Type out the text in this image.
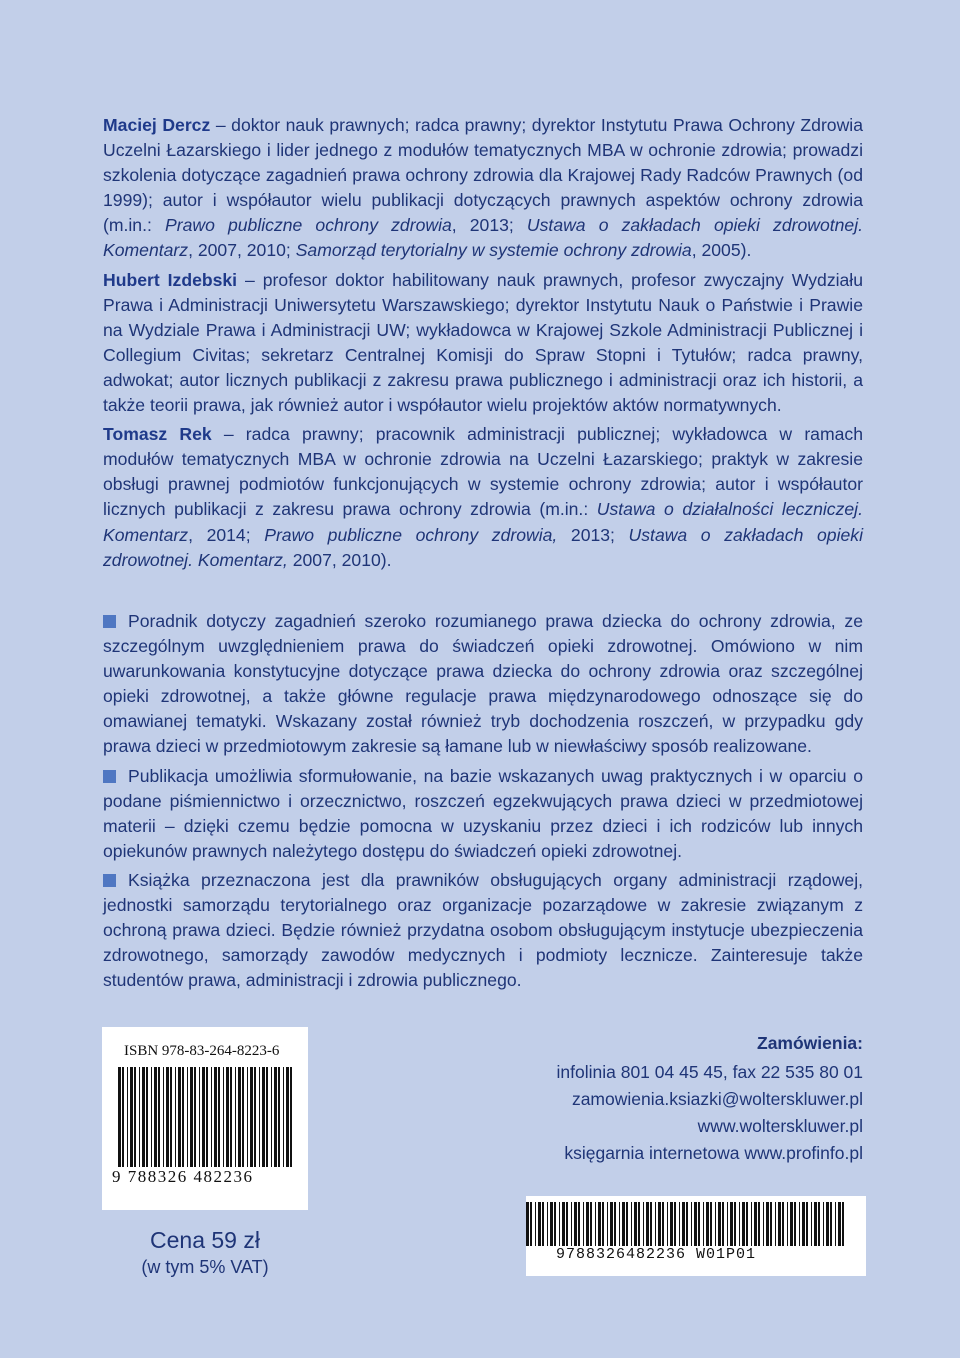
Maciej Dercz – doktor nauk prawnych; radca prawny; dyrektor Instytutu Prawa Ochrony Zdrowia Uczelni Łazarskiego i lider jednego z modułów tematycznych MBA w ochronie zdrowia; prowadzi szkolenia dotyczące zagadnień prawa ochrony zdrowia dla Krajowej Rady Radców Prawnych (od 1999); autor i współautor wielu publikacji dotyczących prawnych aspektów ochrony zdrowia (m.in.: Prawo publiczne ochrony zdrowia, 2013; Ustawa o zakładach opieki zdrowotnej. Komentarz, 2007, 2010; Samorząd terytorialny w systemie ochrony zdrowia, 2005).

Hubert Izdebski – profesor doktor habilitowany nauk prawnych, profesor zwyczajny Wydziału Prawa i Administracji Uniwersytetu Warszawskiego; dyrektor Instytutu Nauk o Państwie i Prawie na Wydziale Prawa i Administracji UW; wykładowca w Krajowej Szkole Administracji Publicznej i Collegium Civitas; sekretarz Centralnej Komisji do Spraw Stopni i Tytułów; radca prawny, adwokat; autor licznych publikacji z zakresu prawa publicznego i administracji oraz ich historii, a także teorii prawa, jak również autor i współautor wielu projektów aktów normatywnych.

Tomasz Rek – radca prawny; pracownik administracji publicznej; wykładowca w ramach modułów tematycznych MBA w ochronie zdrowia na Uczelni Łazarskiego; praktyk w zakresie obsługi prawnej podmiotów funkcjonujących w systemie ochrony zdrowia; autor i współautor licznych publikacji z zakresu prawa ochrony zdrowia (m.in.: Ustawa o działalności leczniczej. Komentarz, 2014; Prawo publiczne ochrony zdrowia, 2013; Ustawa o zakładach opieki zdrowotnej. Komentarz, 2007, 2010).

Poradnik dotyczy zagadnień szeroko rozumianego prawa dziecka do ochrony zdrowia, ze szczególnym uwzględnieniem prawa do świadczeń opieki zdrowotnej. Omówiono w nim uwarunkowania konstytucyjne dotyczące prawa dziecka do ochrony zdrowia oraz szczególnej opieki zdrowotnej, a także główne regulacje prawa międzynarodowego odnoszące się do omawianej tematyki. Wskazany został również tryb dochodzenia roszczeń, w przypadku gdy prawa dzieci w przedmiotowym zakresie są łamane lub w niewłaściwy sposób realizowane.

Publikacja umożliwia sformułowanie, na bazie wskazanych uwag praktycznych i w oparciu o podane piśmiennictwo i orzecznictwo, roszczeń egzekwujących prawa dzieci w przedmiotowej materii – dzięki czemu będzie pomocna w uzyskaniu przez dzieci i ich rodziców lub innych opiekunów prawnych należytego dostępu do świadczeń opieki zdrowotnej.

Książka przeznaczona jest dla prawników obsługujących organy administracji rządowej, jednostki samorządu terytorialnego oraz organizacje pozarządowe w zakresie związanym z ochroną prawa dzieci. Będzie również przydatna osobom obsługującym instytucje ubezpieczenia zdrowotnego, samorządy zawodów medycznych i podmioty lecznicze. Zainteresuje także studentów prawa, administracji i zdrowia publicznego.

ISBN 978-83-264-8223-6
9 788326 482236
Cena 59 zł
(w tym 5% VAT)
Zamówienia:
infolinia 801 04 45 45, fax 22 535 80 01
zamowienia.ksiazki@wolterskluwer.pl
www.wolterskluwer.pl
księgarnia internetowa www.profinfo.pl
9788326482236 W01P01
